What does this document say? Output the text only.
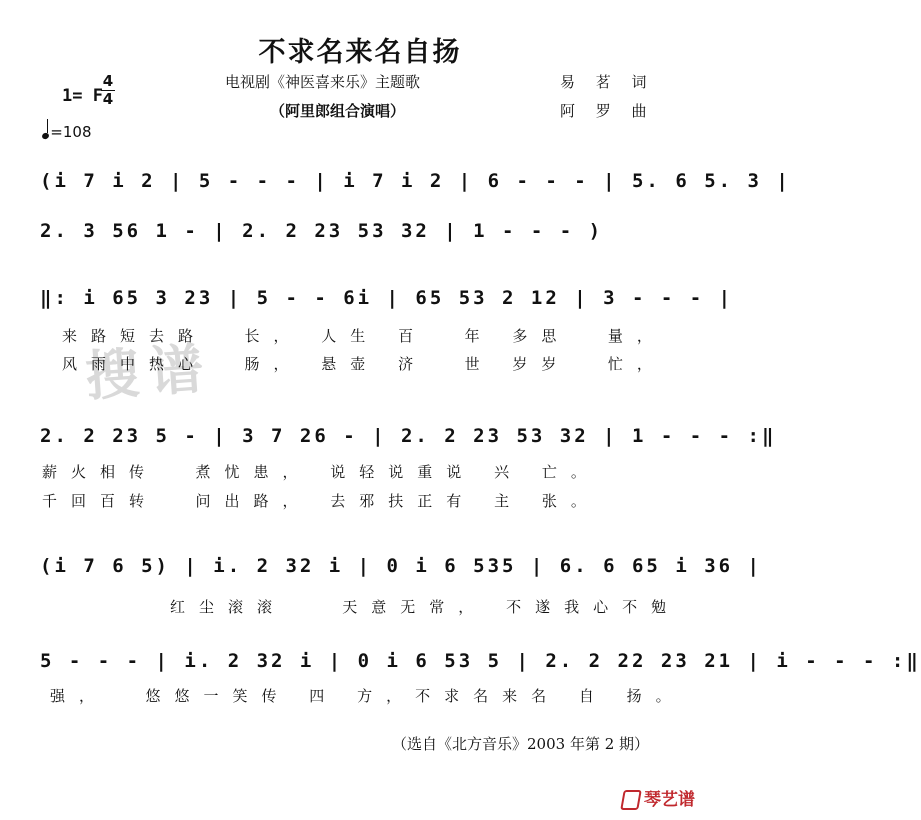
不求名来名自扬
电视剧《神医喜来乐》主题歌
（阿里郎组合演唱）
易 茗 词
阿 罗 曲
1= F
4
4
=108
搜谱
(i 7 i 2 | 5 - - - | i 7 i 2 | 6 - - - | 5. 6 5. 3 |
2. 3 56 1 - | 2. 2 23 53 32 | 1 - - - )
‖: i 65 3 23 | 5 - - 6i | 65 53 2 12 | 3 - - - |
来路短去路  长， 人生 百  年 多思  量，
风雨中热心  肠， 悬壶 济  世 岁岁  忙，
2. 2 23 5 - | 3 7 26 - | 2. 2 23 53 32 | 1 - - - :‖
薪火相传  煮忧患， 说轻说重说 兴 亡。
千回百转  问出路， 去邪扶正有 主 张。
(i 7 6 5) | i. 2 32 i | 0 i 6 535 | 6. 6 65 i 36 |
红尘滚滚   天意无常， 不遂我心不勉
5 - - - | i. 2 32 i | 0 i 6 53 5 | 2. 2 22 23 21 | i - - - :‖
强，  悠悠一笑传 四 方，不求名来名 自 扬。
（选自《北方音乐》2003 年第 2 期）
琴艺谱
